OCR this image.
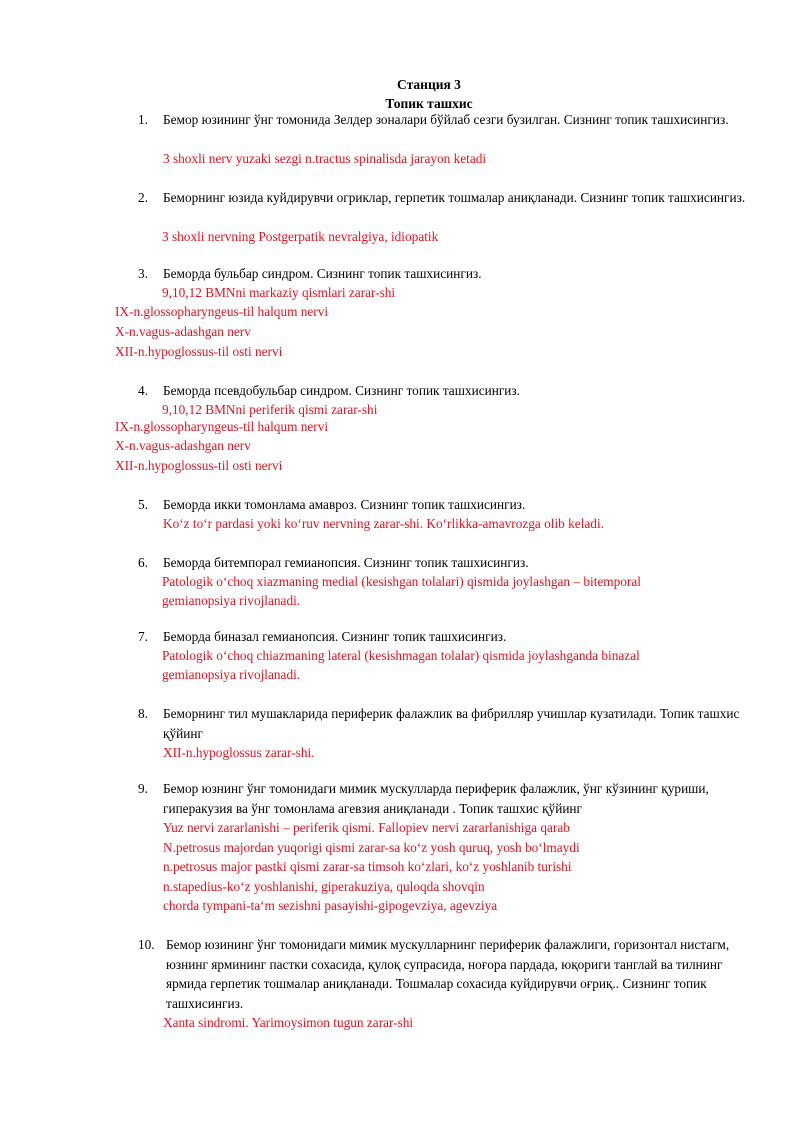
Станция 3
Топик ташхис
1. Бемор юзининг ўнг томонида Зелдер зоналари бўйлаб сезги бузилган. Сизнинг топик ташхисингиз.
3 shoxli nerv yuzaki sezgi n.tractus spinalisda jarayon ketadi
2. Беморнинг юзида куйдирувчи огриклар, герпетик тошмалар аниқланади. Сизнинг топик ташхисингиз.
3 shoxli nervning Postgerpatik nevralgiya, idiopatik
3. Беморда бульбар синдром. Сизнинг топик ташхисингиз.
9,10,12 BMNni markaziy qismlari zarar-shi
IX-n.glossopharyngeus-til halqum nervi
X-n.vagus-adashgan nerv
XII-n.hypoglossus-til osti nervi
4. Беморда псевдобульбар синдром. Сизнинг топик ташхисингиз.
9,10,12 BMNni periferik qismi zarar-shi
IX-n.glossopharyngeus-til halqum nervi
X-n.vagus-adashgan nerv
XII-n.hypoglossus-til osti nervi
5. Беморда икки томонлама амавроз. Сизнинг топик ташхисингиз.
Koʻz toʻr pardasi yoki koʻruv nervning zarar-shi. Koʻrlikka-amavrozga olib keladi.
6. Беморда битемпорал гемианопсия. Сизнинг топик ташхисингиз.
Patologik oʻchoq xiazmaning medial (kesishgan tolalari) qismida joylashgan – bitemporal
gemianopsiya rivojlanadi.
7. Беморда биназал гемианопсия. Сизнинг топик ташхисингиз.
Patologik oʻchoq chiazmaning lateral (kesishmagan tolalar) qismida joylashganda binazal
gemianopsiya rivojlanadi.
8. Беморнинг тил мушакларида периферик фалажлик ва фибрилляр учишлар кузатилади. Топик ташхис қўйинг
XII-n.hypoglossus zarar-shi.
9. Бемор юзнинг ўнг томонидаги мимик мускулларда периферик фалажлик, ўнг кўзининг қуриши, гиперакузия ва ўнг томонлама агевзия аниқланади . Топик ташхис қўйинг
Yuz nervi zararlanishi – periferik qismi. Fallopiev nervi zararlanishiga qarab
N.petrosus majordan yuqorigi qismi zarar-sa koʻz yosh quruq, yosh boʻlmaydi
n.petrosus major pastki qismi zarar-sa timsoh koʻzlari, koʻz yoshlanib turishi
n.stapedius-koʻz yoshlanishi, giperakuziya, quloqda shovqin
chorda tympani-taʻm sezishni pasayishi-gipogevziya, agevziya
10. Бемор юзининг ўнг томонидаги мимик мускулларнинг периферик фалажлиги, горизонтал нистагм, юзнинг ярмининг пастки сохасида, қулоқ супрасида, ноғора пардада, юқориги танглай ва тилнинг ярмида герпетик тошмалар аниқланади. Тошмалар сохасида куйдирувчи оғриқ.. Сизнинг топик ташхисингиз.
Xanta sindromi. Yarimoysimon tugun zarar-shi
